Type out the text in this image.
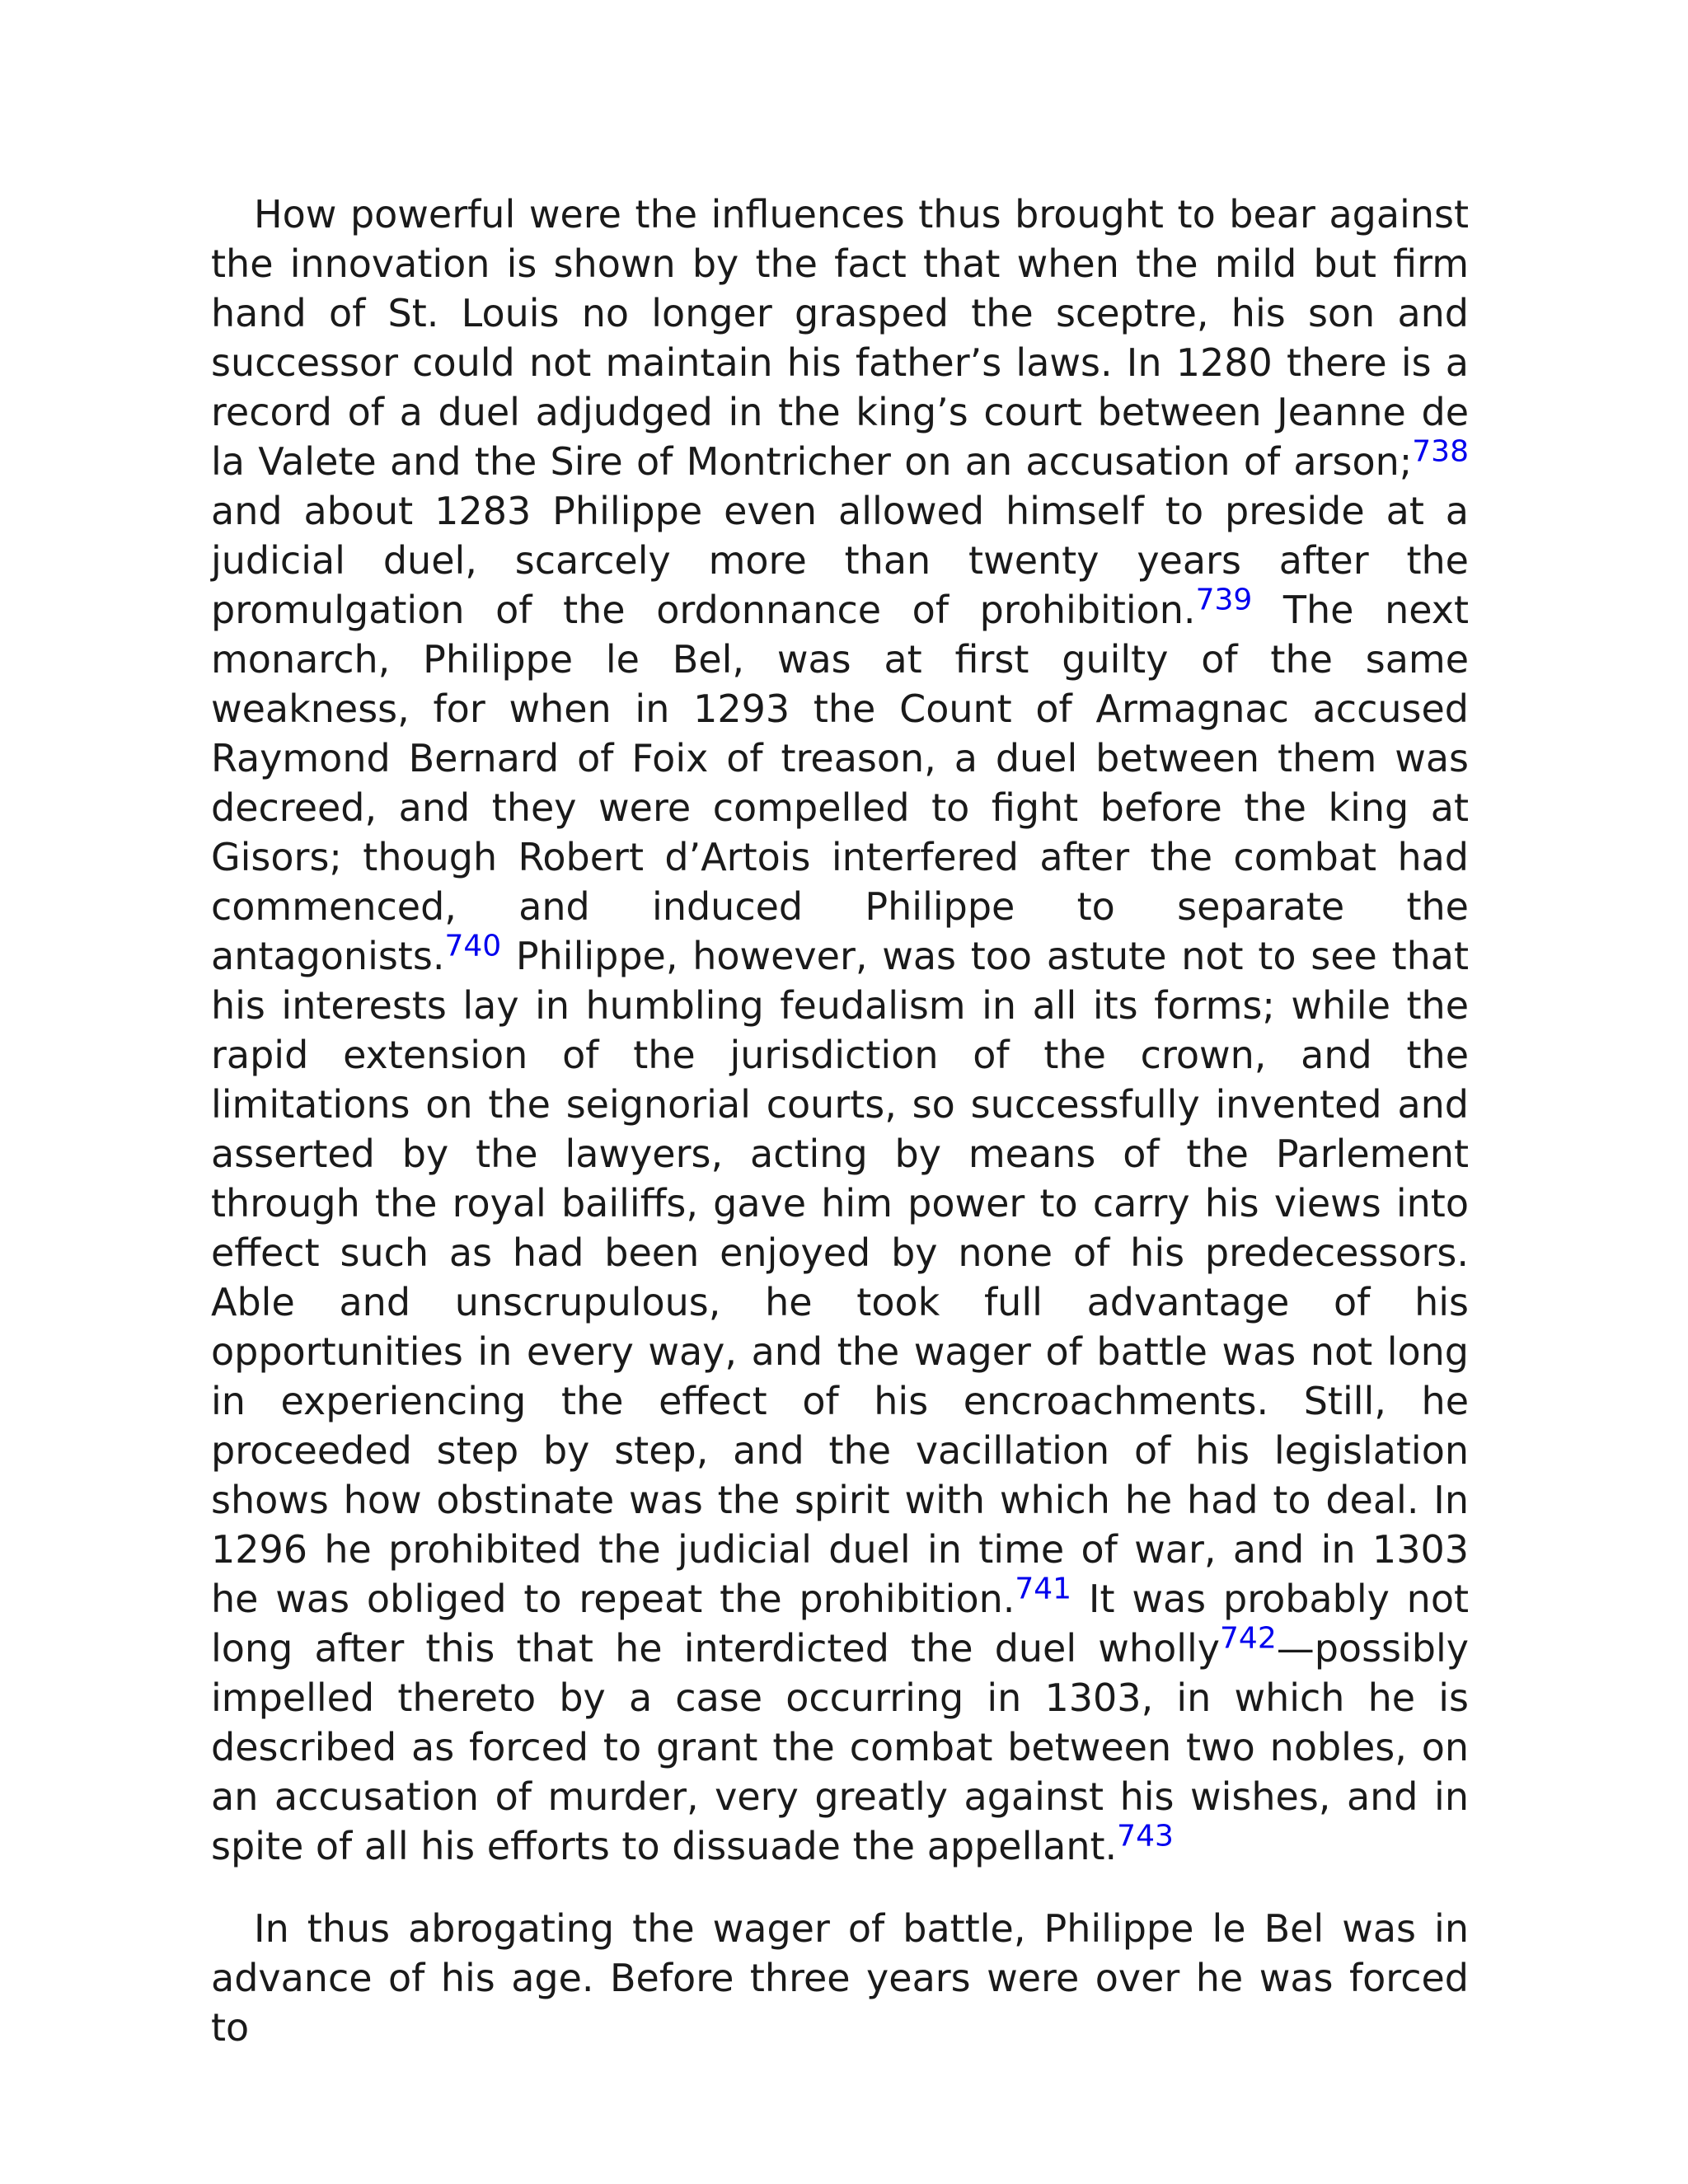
How powerful were the influences thus brought to bear against the innovation is shown by the fact that when the mild but firm hand of St. Louis no longer grasped the sceptre, his son and successor could not maintain his father’s laws. In 1280 there is a record of a duel adjudged in the king’s court between Jeanne de la Valete and the Sire of Montricher on an accusation of arson;$^{738}$ and about 1283 Philippe even allowed himself to preside at a judicial duel, scarcely more than twenty years after the promulgation of the ordonnance of prohibition.$^{739}$ The next monarch, Philippe le Bel, was at first guilty of the same weakness, for when in 1293 the Count of Armagnac accused Raymond Bernard of Foix of treason, a duel between them was decreed, and they were compelled to fight before the king at Gisors; though Robert d’Artois interfered after the combat had commenced, and induced Philippe to separate the antagonists.$^{740}$ Philippe, however, was too astute not to see that his interests lay in humbling feudalism in all its forms; while the rapid extension of the jurisdiction of the crown, and the limitations on the seignorial courts, so successfully invented and asserted by the lawyers, acting by means of the Parlement through the royal bailiffs, gave him power to carry his views into effect such as had been enjoyed by none of his predecessors. Able and unscrupulous, he took full advantage of his opportunities in every way, and the wager of battle was not long in experiencing the effect of his encroachments. Still, he proceeded step by step, and the vacillation of his legislation shows how obstinate was the spirit with which he had to deal. In 1296 he prohibited the judicial duel in time of war, and in 1303 he was obliged to repeat the prohibition.$^{741}$ It was probably not long after this that he interdicted the duel wholly$^{742}$—possibly impelled thereto by a case occurring in 1303, in which he is described as forced to grant the combat between two nobles, on an accusation of murder, very greatly against his wishes, and in spite of all his efforts to dissuade the appellant.$^{743}$

In thus abrogating the wager of battle, Philippe le Bel was in advance of his age. Before three years were over he was forced to
